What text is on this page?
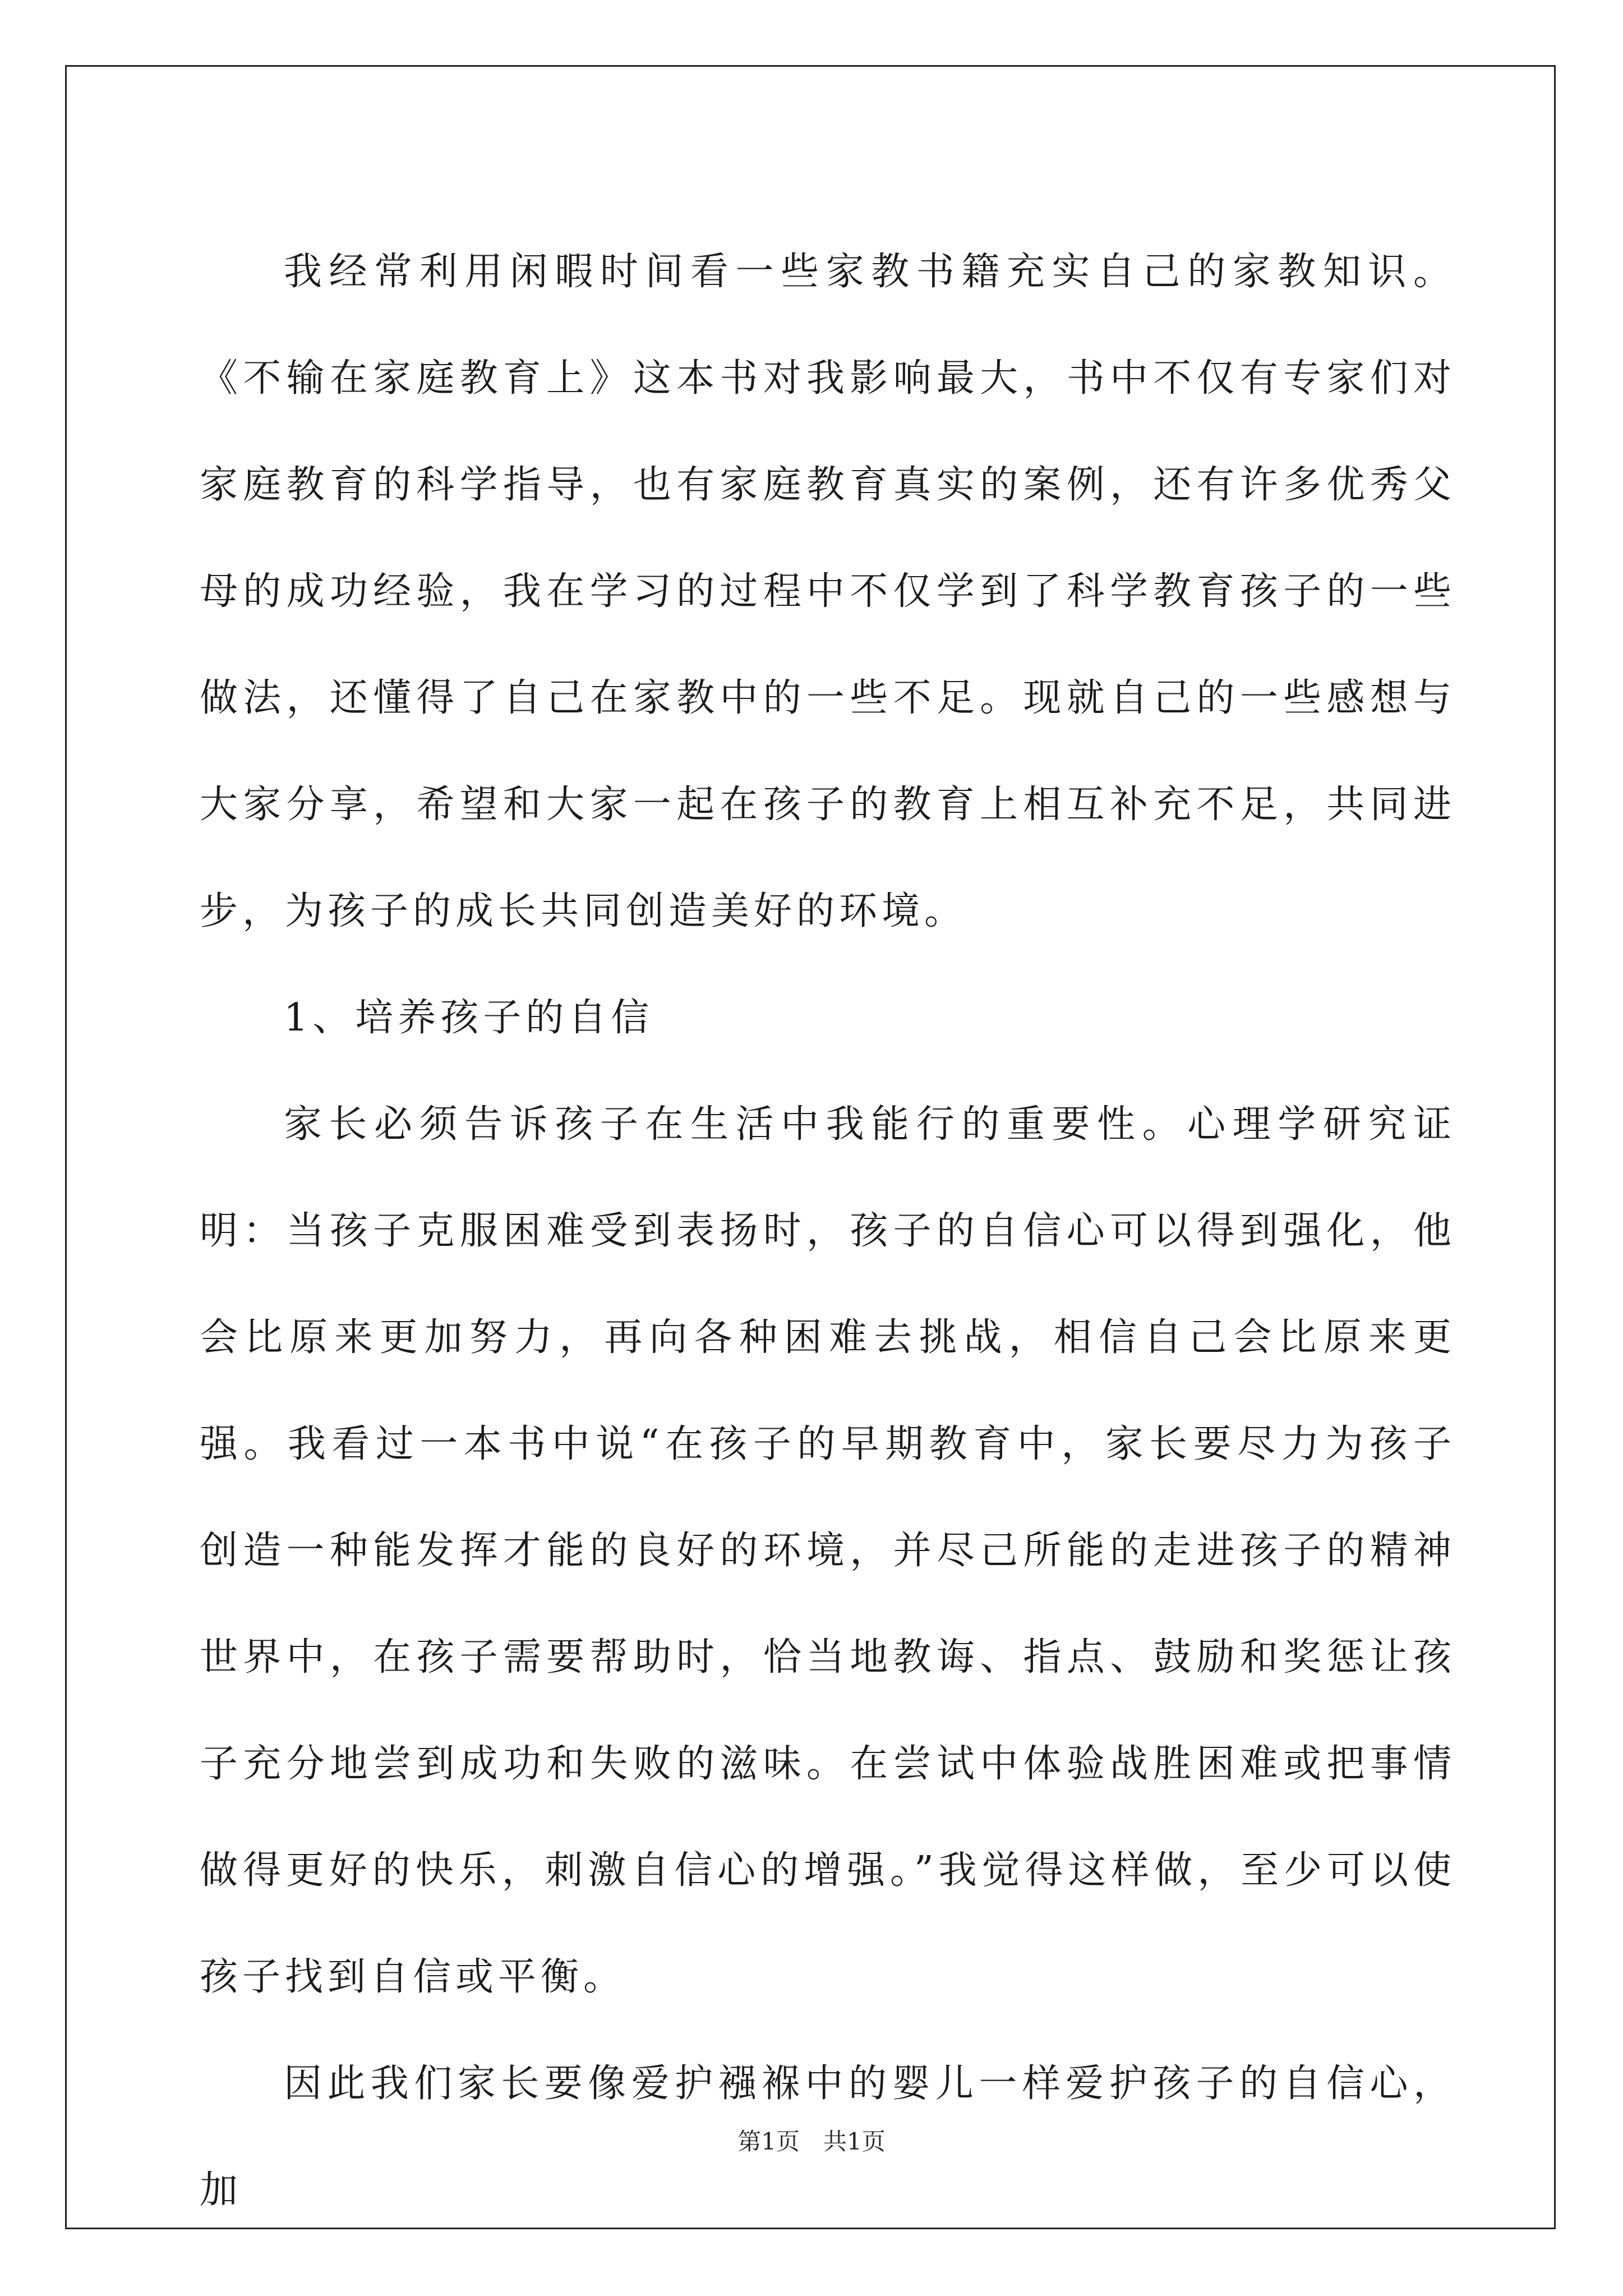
我经常利用闲暇时间看一些家教书籍充实自己的家教知识。《不输在家庭教育上》这本书对我影响最大，书中不仅有专家们对家庭教育的科学指导，也有家庭教育真实的案例，还有许多优秀父母的成功经验，我在学习的过程中不仅学到了科学教育孩子的一些做法，还懂得了自己在家教中的一些不足。现就自己的一些感想与大家分享，希望和大家一起在孩子的教育上相互补充不足，共同进步，为孩子的成长共同创造美好的环境。

1、培养孩子的自信

家长必须告诉孩子在生活中我能行的重要性。心理学研究证明：当孩子克服困难受到表扬时，孩子的自信心可以得到强化，他会比原来更加努力，再向各种困难去挑战，相信自己会比原来更强。我看过一本书中说“在孩子的早期教育中，家长要尽力为孩子创造一种能发挥才能的良好的环境，并尽己所能的走进孩子的精神世界中，在孩子需要帮助时，恰当地教诲、指点、鼓励和奖惩让孩子充分地尝到成功和失败的滋味。在尝试中体验战胜困难或把事情做得更好的快乐，刺激自信心的增强。”我觉得这样做，至少可以使孩子找到自信或平衡。

因此我们家长要像爱护襁褓中的婴儿一样爱护孩子的自信心，加

第1页　共1页
